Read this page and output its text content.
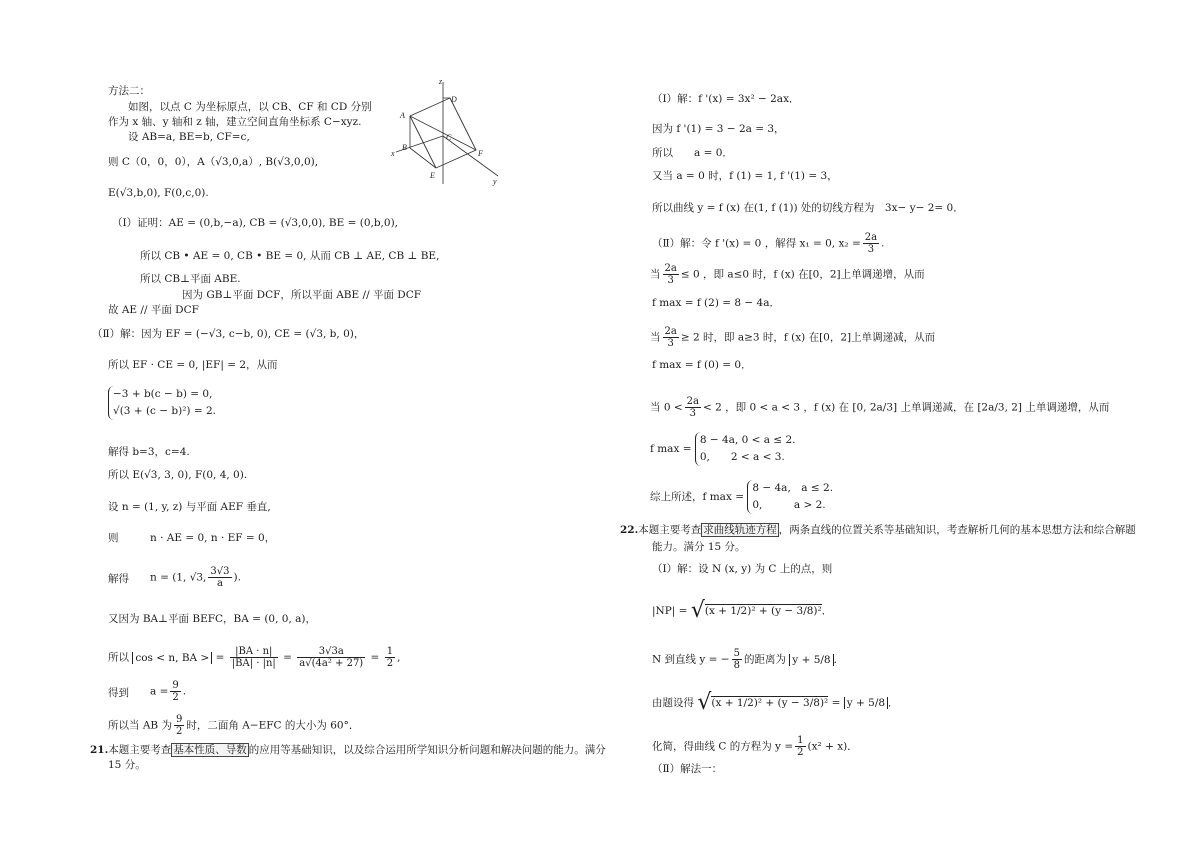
方法二：
如图，以点 C 为坐标原点，以 CB、CF 和 CD 分别
作为 x 轴、y 轴和 z 轴，建立空间直角坐标系 C−xyz.
设 AB=a, BE=b, CF=c,
则 C（0，0，0），A（√3,0,a）, B(√3,0,0),
E(√3,b,0), F(0,c,0).
z
D
A
B
x
C
F
E
y
（Ⅰ）证明：AE = (0,b,−a), CB = (√3,0,0), BE = (0,b,0),
所以 CB • AE = 0, CB • BE = 0, 从而 CB ⊥ AE, CB ⊥ BE,
所以 CB⊥平面 ABE.
因为 GB⊥平面 DCF，所以平面 ABE // 平面 DCF
故 AE // 平面 DCF
（Ⅱ）解：因为 EF = (−√3, c−b, 0), CE = (√3, b, 0)，
所以 EF · CE = 0, |EF| = 2，从而
−3 + b(c − b) = 0,
√(3 + (c − b)²) = 2.
解得 b=3，c=4.
所以 E(√3, 3, 0), F(0, 4, 0).
设 n = (1, y, z) 与平面 AEF 垂直,
则	n · AE = 0, n · EF = 0，
解得 n = (1, √3, $\frac{3√3}{a}$ ).
又因为 BA⊥平面 BEFC，BA = (0, 0, a)，
所以 cos < n, BA > = $\frac{|BA \cdot n|}{|BA| \cdot |n|} = \frac{3√3a}{\text{a√(4a² + 27)}} = \frac{1}{2}$ ,
得到 $a = \frac{9}{2}$ .
所以当 AB 为 $\frac{9}{2}$ 时，二面角 A−EFC 的大小为 60°．
21.本题主要考查 基本性质、导数 的应用等基础知识，以及综合运用所学知识分析问题和解决问题的能力。满分
15 分。
（Ⅰ）解：f '(x) = 3x² − 2ax．
因为 f '(1) = 3 − 2a = 3，
所以　　a = 0．
又当 a = 0 时，f (1) = 1, f '(1) = 3，
所以曲线 y = f (x) 在(1, f (1)) 处的切线方程为　3x− y− 2= 0．
（Ⅱ）解：令 f '(x) = 0 ，解得 x₁ = 0, $x_2 = \frac{2a}{3}$ .
当 $\frac{2a}{3} \le 0$ ，即 a≤0 时，f (x) 在[0，2]上单调递增，从而
f max = f (2) = 8 − 4a．
当 $\frac{2a}{3} \ge 2$ 时，即 a≥3 时，f (x) 在[0，2]上单调递减，从而
f max = f (0) = 0．
当 $0 < \frac{2a}{3} < 2$ ，即 0 < a < 3 ，f (x) 在 [0, 2a/3] 上单调递减，在 [2a/3, 2] 上单调递增，从而
f max =
8 − 4a, 0 < a ≤ 2.
0,　　2 < a < 3.
综上所述，f max =
8 − 4a,　a ≤ 2.
0,　　　a > 2.
22.本题主要考查 求曲线轨迹方程 ，两条直线的位置关系等基础知识，考查解析几何的基本思想方法和综合解题
能力。满分 15 分。
（Ⅰ）解：设 N (x, y) 为 C 上的点，则
|NP| = √(x + 1/2)² + (y − 3/8)²．
N 到直线 y = − $\frac{5}{8}$ 的距离为 y + 5/8 ．
由题设得 √(x + 1/2)² + (y − 3/8)² = y + 5/8 ．
化简，得曲线 C 的方程为 $y = \frac{1}{2} (x^2 + x)$．
（Ⅱ）解法一：
